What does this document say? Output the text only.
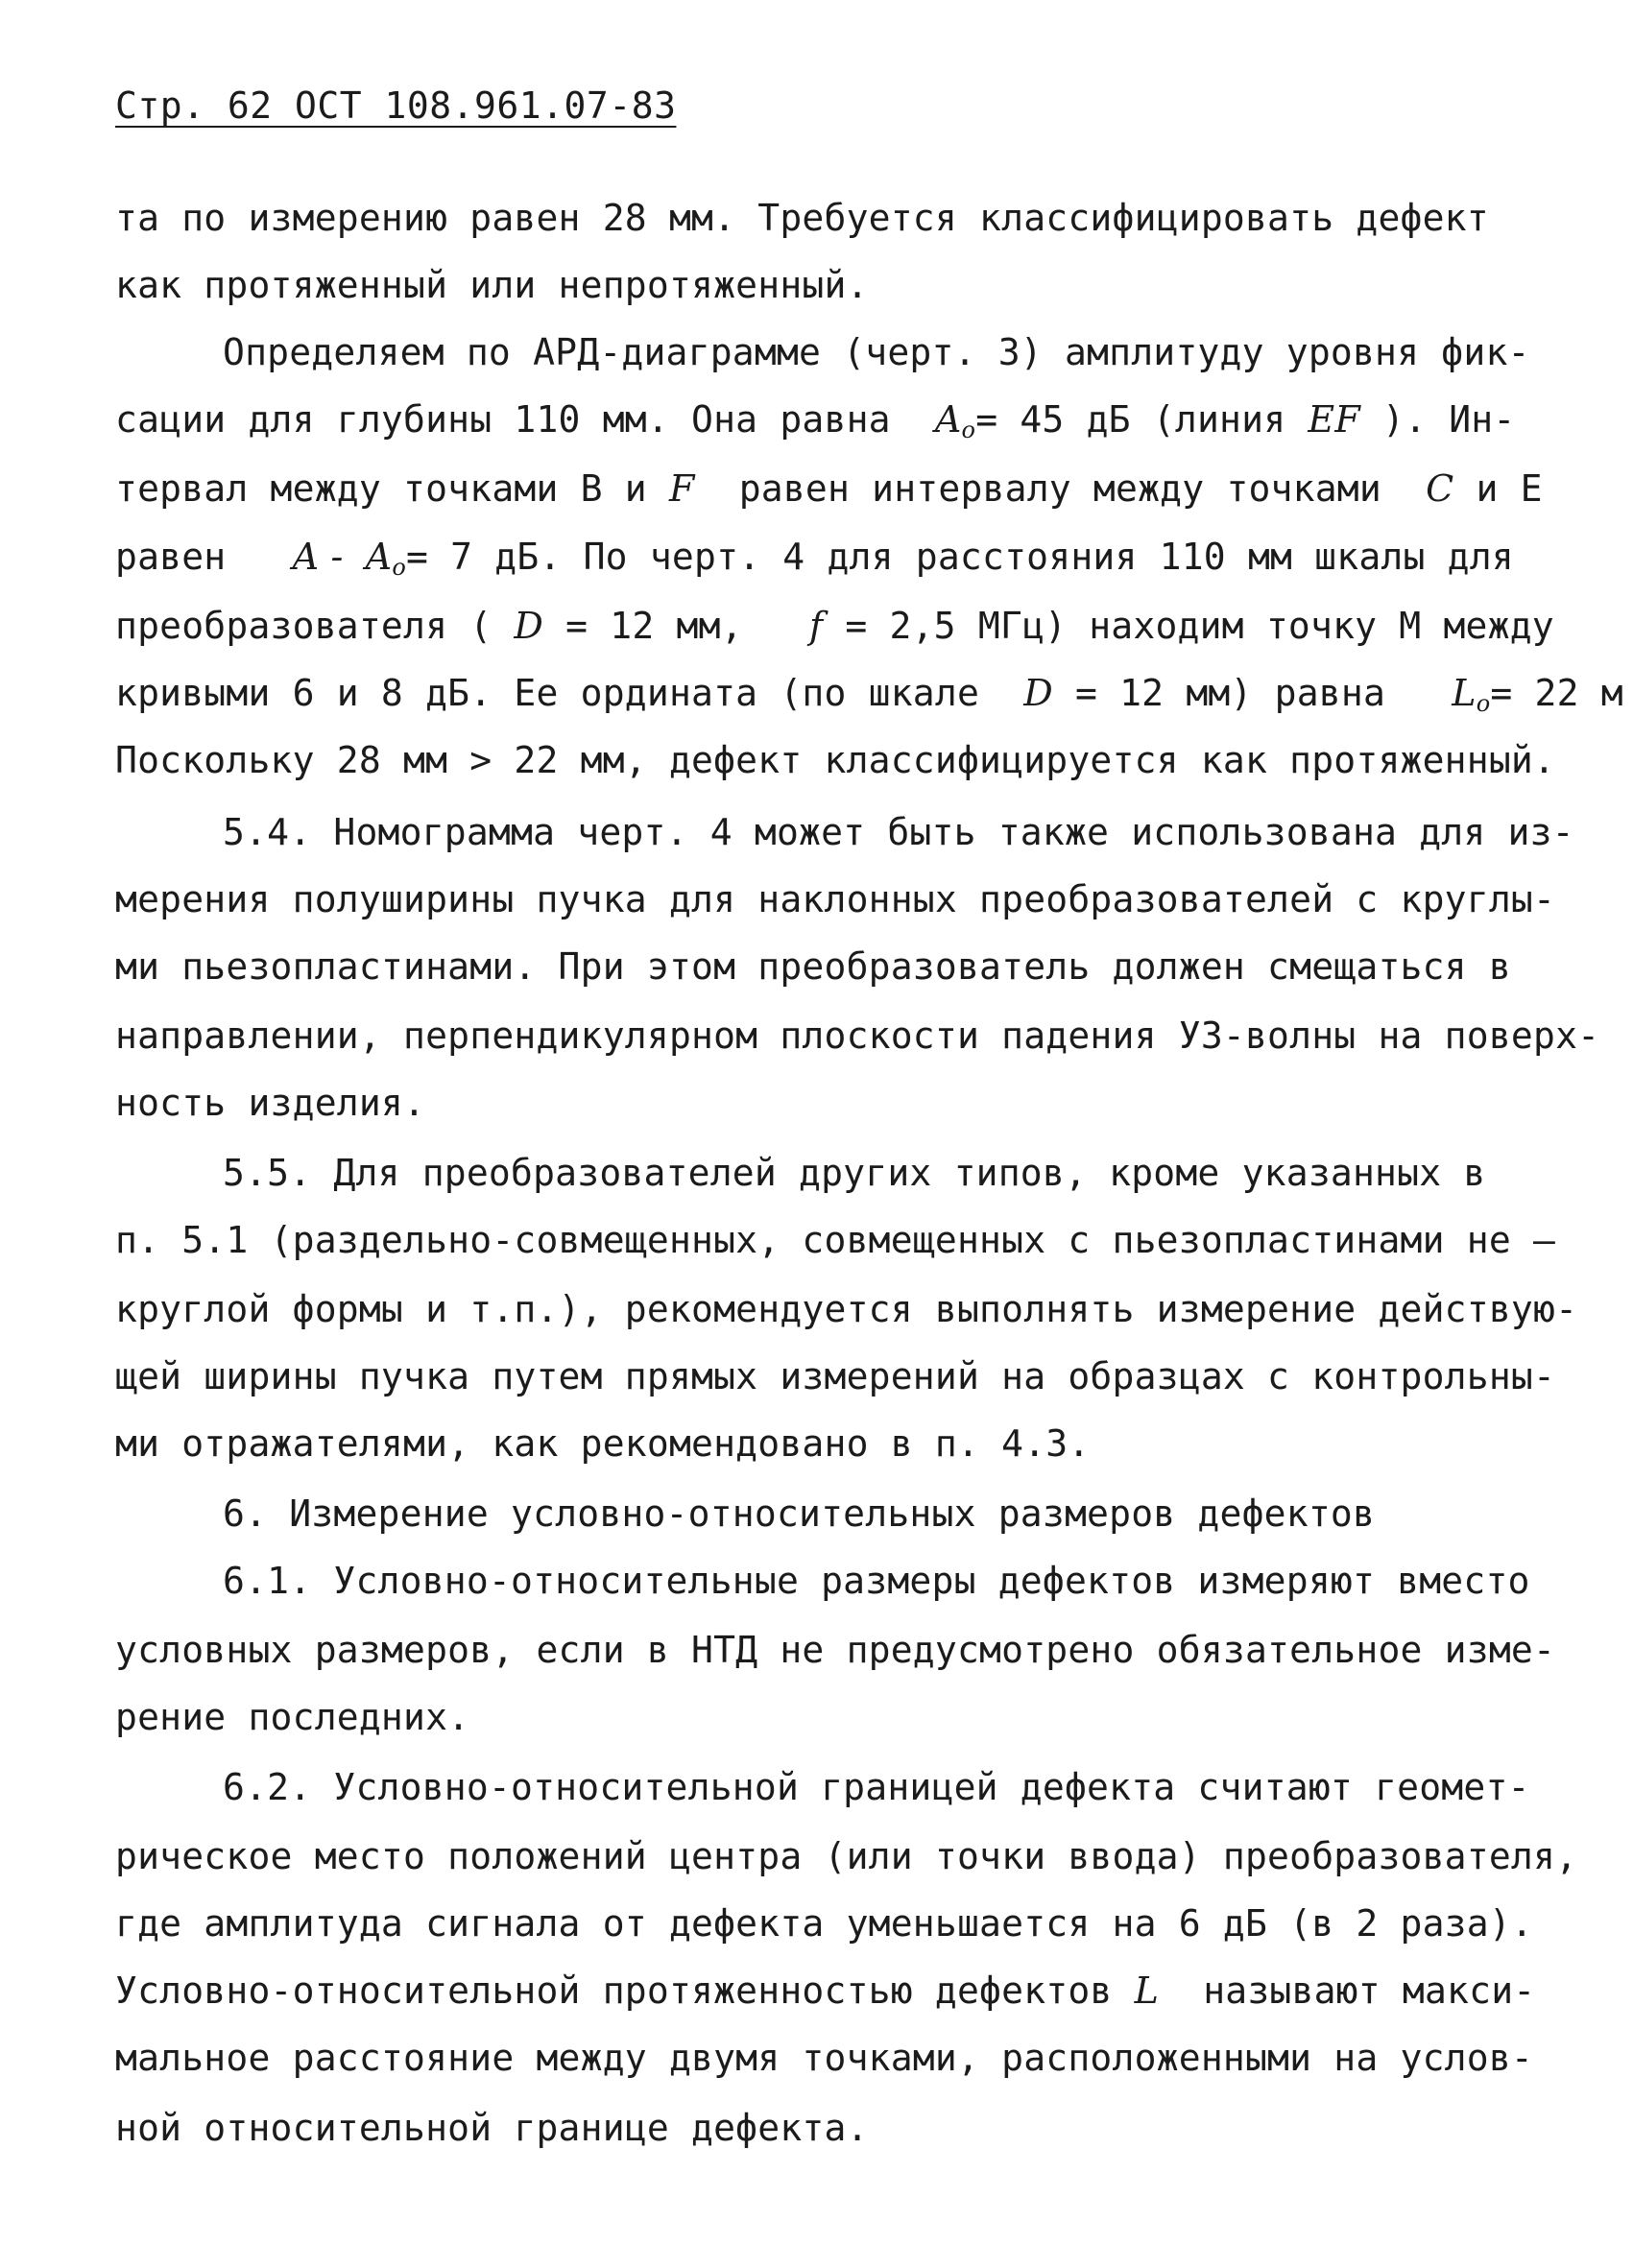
Стр. 62 ОСТ 108.961.07-83
та по измерению равен 28 мм. Требуется классифицировать дефект
как протяженный или непротяженный.
Определяем по АРД-диаграмме (черт. 3) амплитуду уровня фик-
сации для глубины 110 мм. Она равна $A_o= 45$ дБ (линия EF ). Ин-
тервал между точками В и F равен интервалу между точками C и Е
равен $A - A_o= 7$ дБ. По черт. 4 для расстояния 110 мм шкалы для
преобразователя ( D = 12 мм, f = 2,5 МГц) находим точку М между
кривыми 6 и 8 дБ. Ее ордината (по шкале D = 12 мм) равна $L_o= 22$ м
Поскольку 28 мм > 22 мм, дефект классифицируется как протяженный.
5.4. Номограмма черт. 4 может быть также использована для из-
мерения полуширины пучка для наклонных преобразователей с круглы-
ми пьезопластинами. При этом преобразователь должен смещаться в
направлении, перпендикулярном плоскости падения УЗ-волны на поверх-
ность изделия.
5.5. Для преобразователей других типов, кроме указанных в
п. 5.1 (раздельно-совмещенных, совмещенных с пьезопластинами не —
круглой формы и т.п.), рекомендуется выполнять измерение действую-
щей ширины пучка путем прямых измерений на образцах с контрольны-
ми отражателями, как рекомендовано в п. 4.3.
6. Измерение условно-относительных размеров дефектов
6.1. Условно-относительные размеры дефектов измеряют вместо
условных размеров, если в НТД не предусмотрено обязательное изме-
рение последних.
6.2. Условно-относительной границей дефекта считают геомет-
рическое место положений центра (или точки ввода) преобразователя,
где амплитуда сигнала от дефекта уменьшается на 6 дБ (в 2 раза).
Условно-относительной протяженностью дефектов L называют макси-
мальное расстояние между двумя точками, расположенными на услов-
ной относительной границе дефекта.
